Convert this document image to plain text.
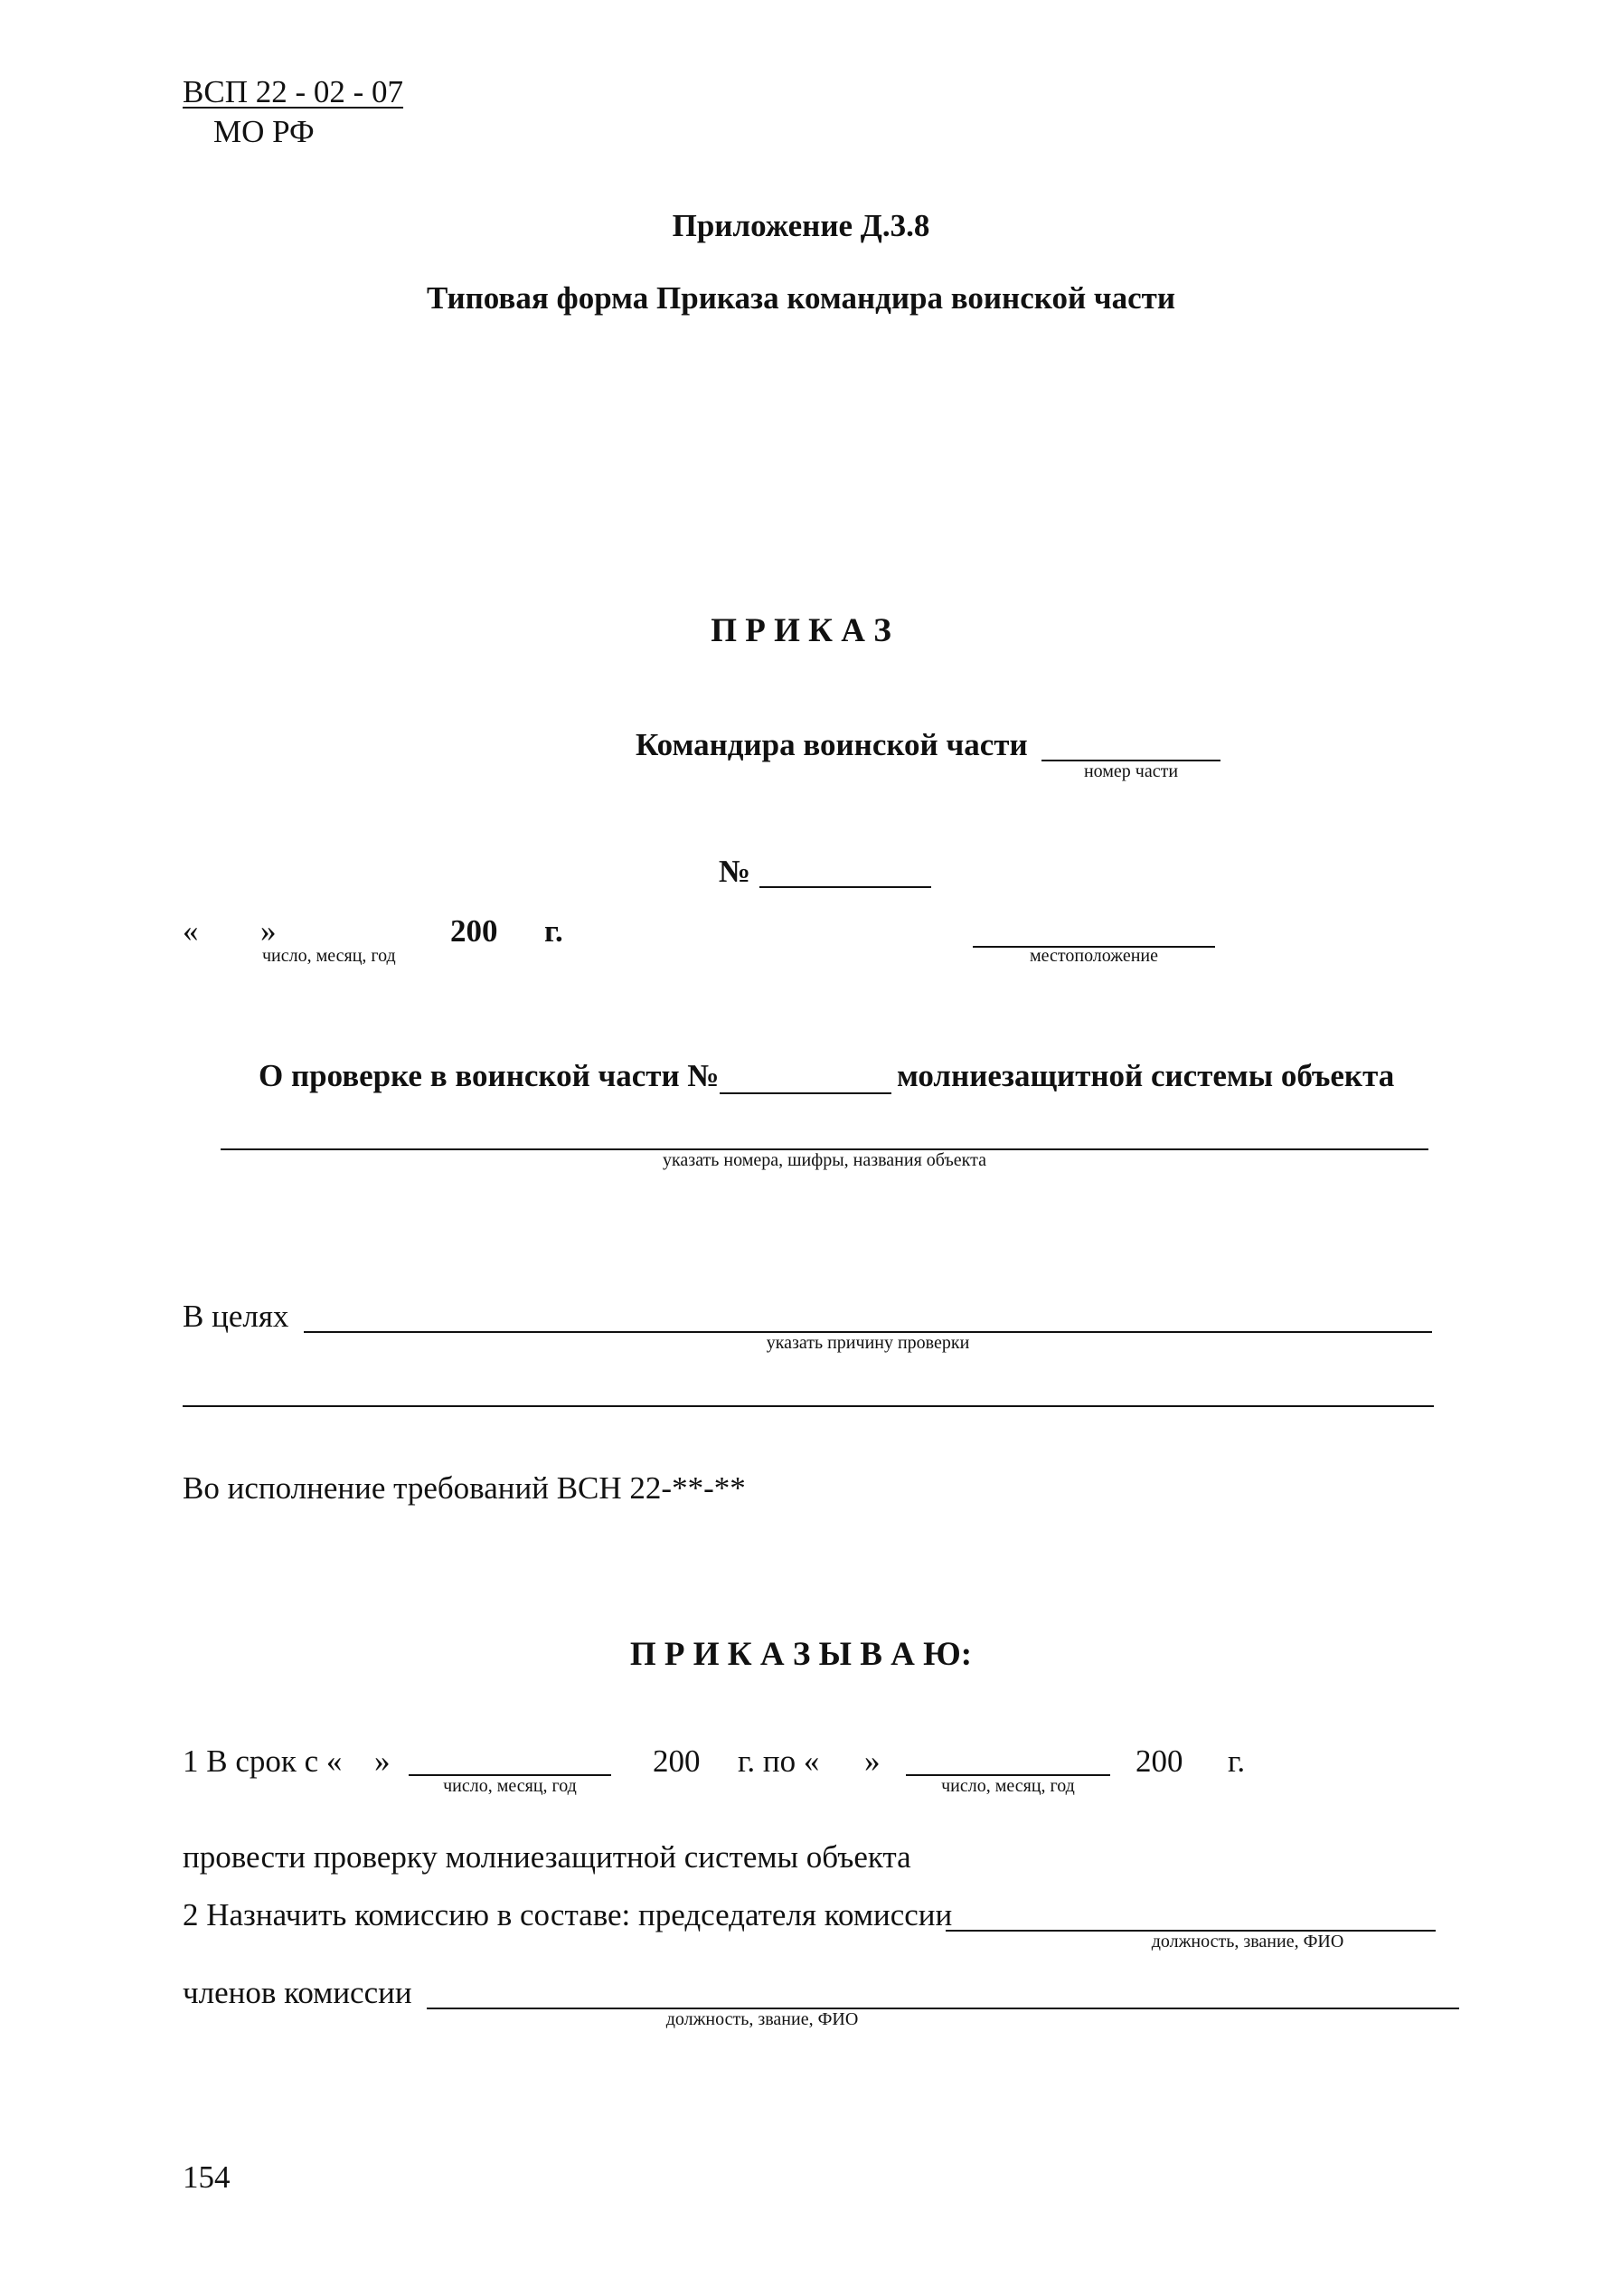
ВСП 22 - 02 - 07
МО РФ
Приложение Д.3.8
Типовая форма Приказа командира воинской части
П Р И К А З
Командира воинской части
номер части
№
« »	200 г.
число, месяц, год	местоположение
О проверке в воинской части №	молниезащитной системы объекта
указать номера, шифры, названия объекта
В целях
указать причину проверки
Во исполнение требований ВСН 22-**-**
П Р И К А З Ы В А Ю:
1 В срок с « »
число, месяц, год
200 г. по « »
число, месяц, год
200 г.
провести проверку молниезащитной системы объекта
2 Назначить комиссию в составе: председателя комиссии
должность, звание, ФИО
членов комиссии
должность, звание, ФИО
154
